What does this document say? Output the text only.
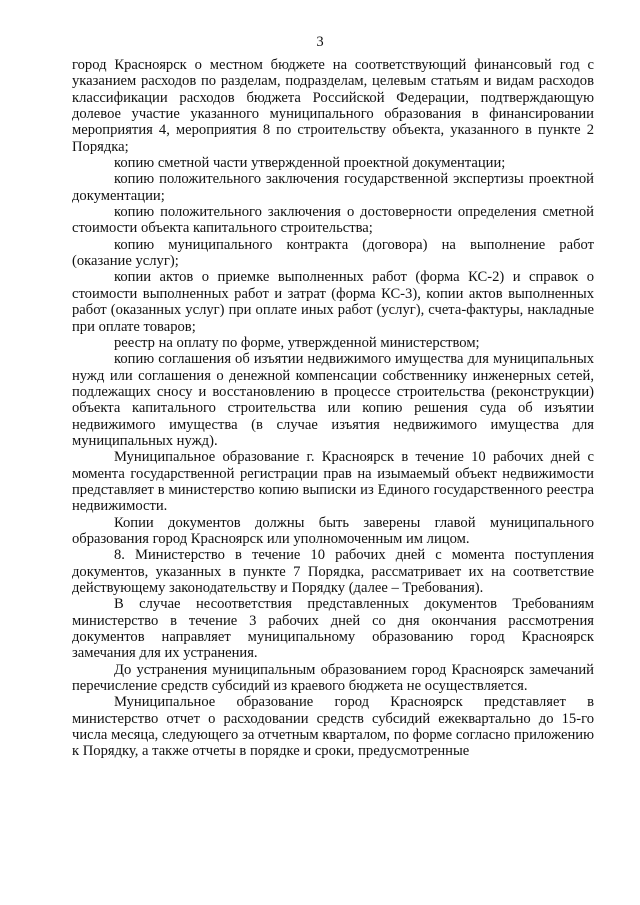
3

город Красноярск о местном бюджете на соответствующий финансовый год с указанием расходов по разделам, подразделам, целевым статьям и видам расходов классификации расходов бюджета Российской Федерации, подтверждающую долевое участие указанного муниципального образования в финансировании мероприятия 4, мероприятия 8 по строительству объекта, указанного в пункте 2 Порядка;

копию сметной части утвержденной проектной документации;

копию положительного заключения государственной экспертизы проектной документации;

копию положительного заключения о достоверности определения сметной стоимости объекта капитального строительства;

копию муниципального контракта (договора) на выполнение работ (оказание услуг);

копии актов о приемке выполненных работ (форма КС-2) и справок о стоимости выполненных работ и затрат (форма КС-3), копии актов выполненных работ (оказанных услуг) при оплате иных работ (услуг), счета-фактуры, накладные при оплате товаров;

реестр на оплату по форме, утвержденной министерством;

копию соглашения об изъятии недвижимого имущества для муниципальных нужд или соглашения о денежной компенсации собственнику инженерных сетей, подлежащих сносу и восстановлению в процессе строительства (реконструкции) объекта капитального строительства или копию решения суда об изъятии недвижимого имущества (в случае изъятия недвижимого имущества для муниципальных нужд).

Муниципальное образование г. Красноярск в течение 10 рабочих дней с момента государственной регистрации прав на изымаемый объект недвижимости представляет в министерство копию выписки из Единого государственного реестра недвижимости.

Копии документов должны быть заверены главой муниципального образования город Красноярск или уполномоченным им лицом.

8. Министерство в течение 10 рабочих дней с момента поступления документов, указанных в пункте 7 Порядка, рассматривает их на соответствие действующему законодательству и Порядку (далее – Требования).

В случае несоответствия представленных документов Требованиям министерство в течение 3 рабочих дней со дня окончания рассмотрения документов направляет муниципальному образованию город Красноярск замечания для их устранения.

До устранения муниципальным образованием город Красноярск замечаний перечисление средств субсидий из краевого бюджета не осуществляется.

Муниципальное образование город Красноярск представляет в министерство отчет о расходовании средств субсидий ежеквартально до 15-го числа месяца, следующего за отчетным кварталом, по форме согласно приложению к Порядку, а также отчеты в порядке и сроки, предусмотренные
